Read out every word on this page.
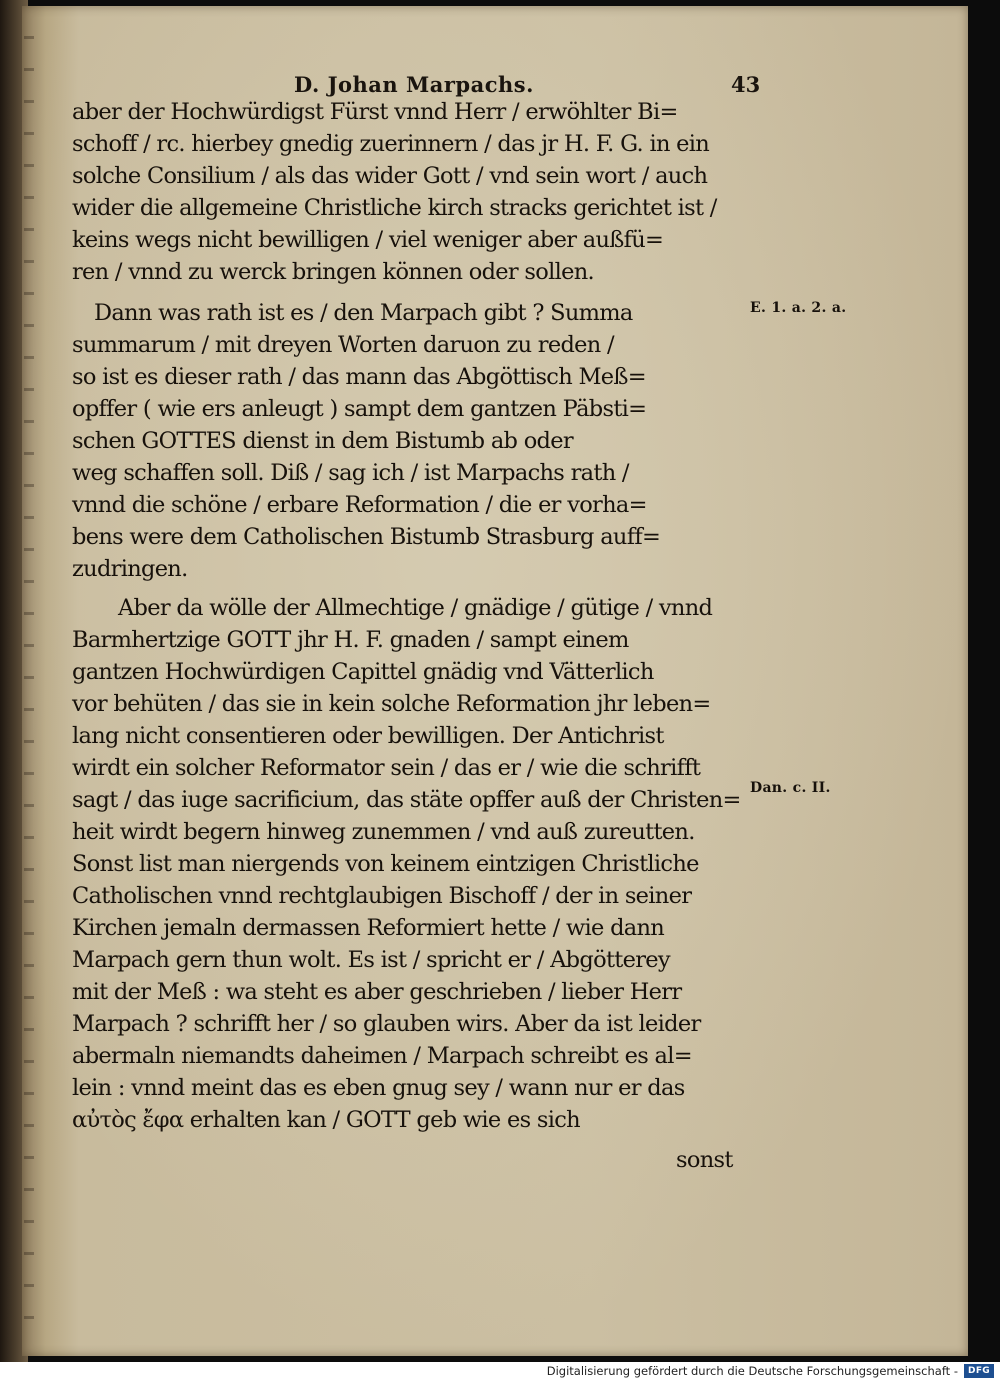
D. Johan Marpachs.	43
aber der Hochwürdigst Fürst vnnd Herr / erwöhlter Bi=
schoff / rc. hierbey gnedig zuerinnern / das jr H. F. G. in ein
solche Consilium / als das wider Gott / vnd sein wort / auch
wider die allgemeine Christliche kirch stracks gerichtet ist /
keins wegs nicht bewilligen / viel weniger aber außfü=
ren / vnnd zu werck bringen können oder sollen.
Dann was rath ist es / den Marpach gibt ? Summa
summarum / mit dreyen Worten daruon zu reden /
so ist es dieser rath / das mann das Abgöttisch Meß=
opffer ( wie ers anleugt ) sampt dem gantzen Päbsti=
schen GOTTES dienst in dem Bistumb ab oder
weg schaffen soll. Diß / sag ich / ist Marpachs rath /
vnnd die schöne / erbare Reformation / die er vorha=
bens were dem Catholischen Bistumb Strasburg auff=
zudringen.
Aber da wölle der Allmechtige / gnädige / gütige / vnnd
Barmhertzige GOTT jhr H. F. gnaden / sampt einem
gantzen Hochwürdigen Capittel gnädig vnd Vätterlich
vor behüten / das sie in kein solche Reformation jhr leben=
lang nicht consentieren oder bewilligen. Der Antichrist
wirdt ein solcher Reformator sein / das er / wie die schrifft
sagt / das iuge sacrificium, das stäte opffer auß der Christen=
heit wirdt begern hinweg zunemmen / vnd auß zureutten.
Sonst list man niergends von keinem eintzigen Christliche
Catholischen vnnd rechtglaubigen Bischoff / der in seiner
Kirchen jemaln dermassen Reformiert hette / wie dann
Marpach gern thun wolt. Es ist / spricht er / Abgötterey
mit der Meß : wa steht es aber geschrieben / lieber Herr
Marpach ? schrifft her / so glauben wirs. Aber da ist leider
abermaln niemandts daheimen / Marpach schreibt es al=
lein : vnnd meint das es eben gnug sey / wann nur er das
αὐτὸς ἔφα erhalten kan / GOTT geb wie es sich
sonst
E. 1. a. 2. a.
Dan. c. II.
Digitalisierung gefördert durch die Deutsche Forschungsgemeinschaft -	DFG
